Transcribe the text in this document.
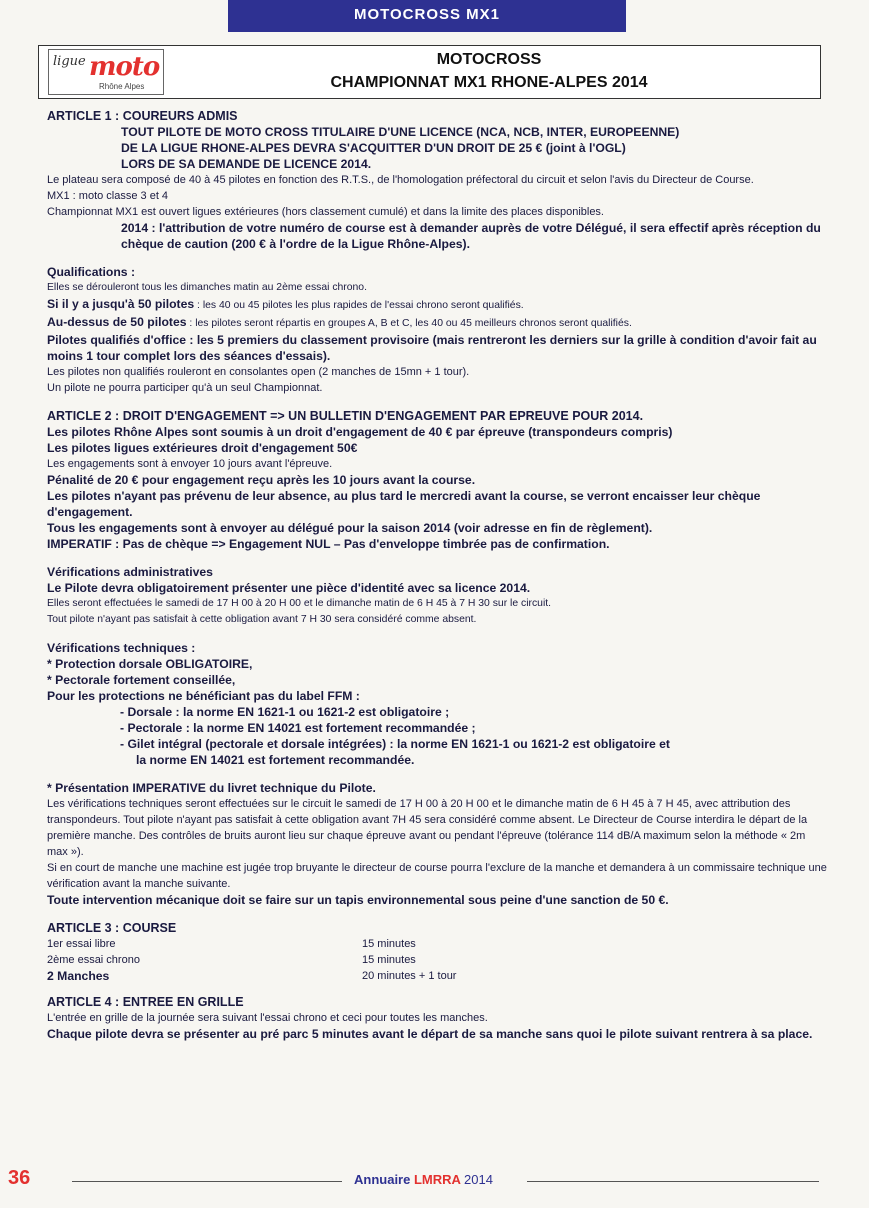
MOTOCROSS MX1
ligue moto
Rhône Alpes
MOTOCROSS
CHAMPIONNAT MX1 RHONE-ALPES 2014

ARTICLE 1 : COUREURS ADMIS

TOUT PILOTE DE MOTO CROSS TITULAIRE D'UNE LICENCE (NCA, NCB, INTER, EUROPEENNE)

DE LA LIGUE RHONE-ALPES DEVRA S'ACQUITTER D'UN DROIT DE 25 € (joint à l'OGL)

LORS DE SA DEMANDE DE LICENCE 2014.

Le plateau sera composé de 40 à 45 pilotes en fonction des R.T.S., de l'homologation préfectoral du circuit et selon l'avis du Directeur de Course.

MX1 : moto classe 3 et 4

Championnat MX1 est ouvert ligues extérieures (hors classement cumulé) et dans la limite des places disponibles.

2014 : l'attribution de votre numéro de course est à demander auprès de votre Délégué, il sera effectif après réception du chèque de caution (200 € à l'ordre de la Ligue Rhône-Alpes).

Qualifications :

Elles se dérouleront tous les dimanches matin au 2ème essai chrono.

Si il y a jusqu'à 50 pilotes : les 40 ou 45 pilotes les plus rapides de l'essai chrono seront qualifiés.

Au-dessus de 50 pilotes : les pilotes seront répartis en groupes A, B et C, les 40 ou 45 meilleurs chronos seront qualifiés.

Pilotes qualifiés d'office : les 5 premiers du classement provisoire (mais rentreront les derniers sur la grille à condition d'avoir fait au moins 1 tour complet lors des séances d'essais).

Les pilotes non qualifiés rouleront en consolantes open (2 manches de 15mn + 1 tour).

Un pilote ne pourra participer qu'à un seul Championnat.

ARTICLE 2 : DROIT D'ENGAGEMENT => UN BULLETIN D'ENGAGEMENT PAR EPREUVE POUR 2014.

Les pilotes Rhône Alpes sont soumis à un droit d'engagement de 40 € par épreuve (transpondeurs compris)

Les pilotes ligues extérieures droit d'engagement 50€

Les engagements sont à envoyer 10 jours avant l'épreuve.

Pénalité de 20 € pour engagement reçu après les 10 jours avant la course.

Les pilotes n'ayant pas prévenu de leur absence, au plus tard le mercredi avant la course, se verront encaisser leur chèque d'engagement.

Tous les engagements sont à envoyer au délégué pour la saison 2014 (voir adresse en fin de règlement).

IMPERATIF : Pas de chèque => Engagement NUL – Pas d'enveloppe timbrée pas de confirmation.

Vérifications administratives

Le Pilote devra obligatoirement présenter une pièce d'identité avec sa licence 2014.

Elles seront effectuées le samedi de 17 H 00 à 20 H 00 et le dimanche matin de 6 H 45 à 7 H 30 sur le circuit.

Tout pilote n'ayant pas satisfait à cette obligation avant 7 H 30 sera considéré comme absent.

Vérifications techniques :

* Protection dorsale OBLIGATOIRE,

* Pectorale fortement conseillée,

Pour les protections ne bénéficiant pas du label FFM :

- Dorsale : la norme EN 1621-1 ou 1621-2 est obligatoire ;

- Pectorale : la norme EN 14021 est fortement recommandée ;

- Gilet intégral (pectorale et dorsale intégrées) : la norme EN 1621-1 ou 1621-2 est obligatoire et

la norme EN 14021 est fortement recommandée.

* Présentation IMPERATIVE du livret technique du Pilote.

Les vérifications techniques seront effectuées sur le circuit le samedi de 17 H 00 à 20 H 00 et le dimanche matin de 6 H 45 à 7 H 45, avec attribution des transpondeurs. Tout pilote n'ayant pas satisfait à cette obligation avant 7H 45 sera considéré comme absent. Le Directeur de Course interdira le départ de la première manche. Des contrôles de bruits auront lieu sur chaque épreuve avant ou pendant l'épreuve (tolérance 114 dB/A maximum selon la méthode « 2m max »).

Si en court de manche une machine est jugée trop bruyante le directeur de course pourra l'exclure de la manche et demandera à un commissaire technique une vérification avant la manche suivante.

Toute intervention mécanique doit se faire sur un tapis environnemental sous peine d'une sanction de 50 €.

ARTICLE 3 : COURSE

1er essai libre	15 minutes
2ème essai chrono	15 minutes
2 Manches	20 minutes + 1 tour

ARTICLE 4 : ENTREE EN GRILLE

L'entrée en grille de la journée sera suivant l'essai chrono et ceci pour toutes les manches.

Chaque pilote devra se présenter au pré parc 5 minutes avant le départ de sa manche sans quoi le pilote suivant rentrera à sa place.

36	Annuaire LMRRA 2014
